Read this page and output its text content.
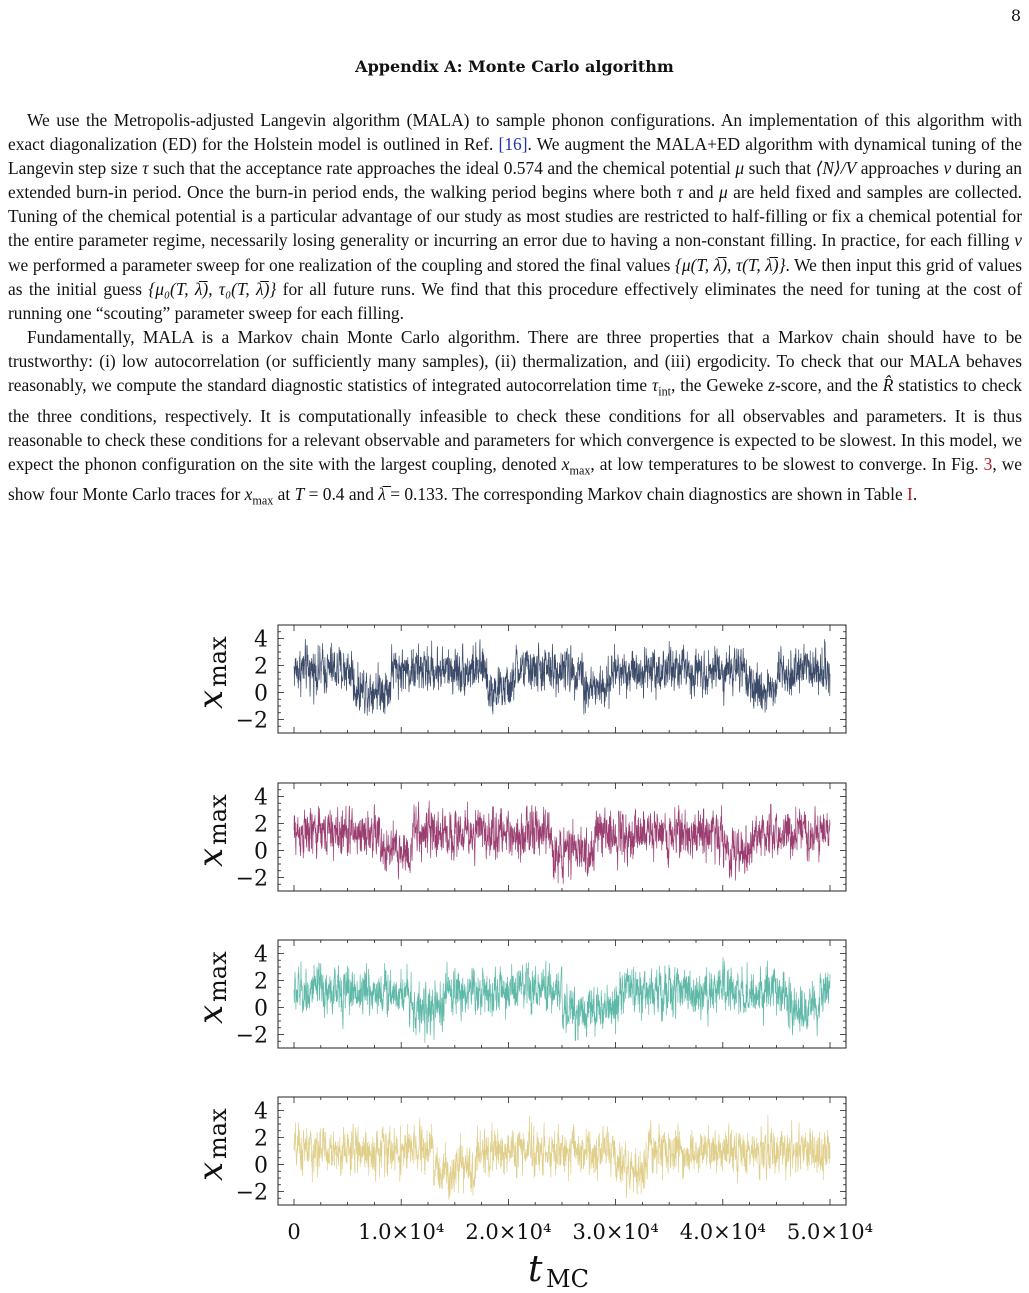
8
Appendix A: Monte Carlo algorithm

We use the Metropolis-adjusted Langevin algorithm (MALA) to sample phonon configurations. An implementation of this algorithm with exact diagonalization (ED) for the Holstein model is outlined in Ref. [16]. We augment the MALA+ED algorithm with dynamical tuning of the Langevin step size τ such that the acceptance rate approaches the ideal 0.574 and the chemical potential μ such that ⟨N⟩/V approaches ν during an extended burn-in period. Once the burn-in period ends, the walking period begins where both τ and μ are held fixed and samples are collected. Tuning of the chemical potential is a particular advantage of our study as most studies are restricted to half-filling or fix a chemical potential for the entire parameter regime, necessarily losing generality or incurring an error due to having a non-constant filling. In practice, for each filling ν we performed a parameter sweep for one realization of the coupling and stored the final values {μ(T, λ̅), τ(T, λ̅)}. We then input this grid of values as the initial guess {μ₀(T, λ̅), τ₀(T, λ̅)} for all future runs. We find that this procedure effectively eliminates the need for tuning at the cost of running one “scouting” parameter sweep for each filling.

Fundamentally, MALA is a Markov chain Monte Carlo algorithm. There are three properties that a Markov chain should have to be trustworthy: (i) low autocorrelation (or sufficiently many samples), (ii) thermalization, and (iii) ergodicity. To check that our MALA behaves reasonably, we compute the standard diagnostic statistics of integrated autocorrelation time $\tau_{int}$, the Geweke z-score, and the R̂ statistics to check the three conditions, respectively. It is computationally infeasible to check these conditions for all observables and parameters. It is thus reasonable to check these conditions for a relevant observable and parameters for which convergence is expected to be slowest. In this model, we expect the phonon configuration on the site with the largest coupling, denoted $x_{max}$, at low temperatures to be slowest to converge. In Fig. 3, we show four Monte Carlo traces for $x_{max}$ at T = 0.4 and λ̅ = 0.133. The corresponding Markov chain diagnostics are shown in Table I.

4
2
0
−2
x
max
4
2
0
−2
x
max
4
2
0
−2
x
max
4
2
0
−2
x
max
0	1.0×10⁴ 2.0×10⁴ 3.0×10⁴ 4.0×10⁴ 5.0×10⁴
t MC
